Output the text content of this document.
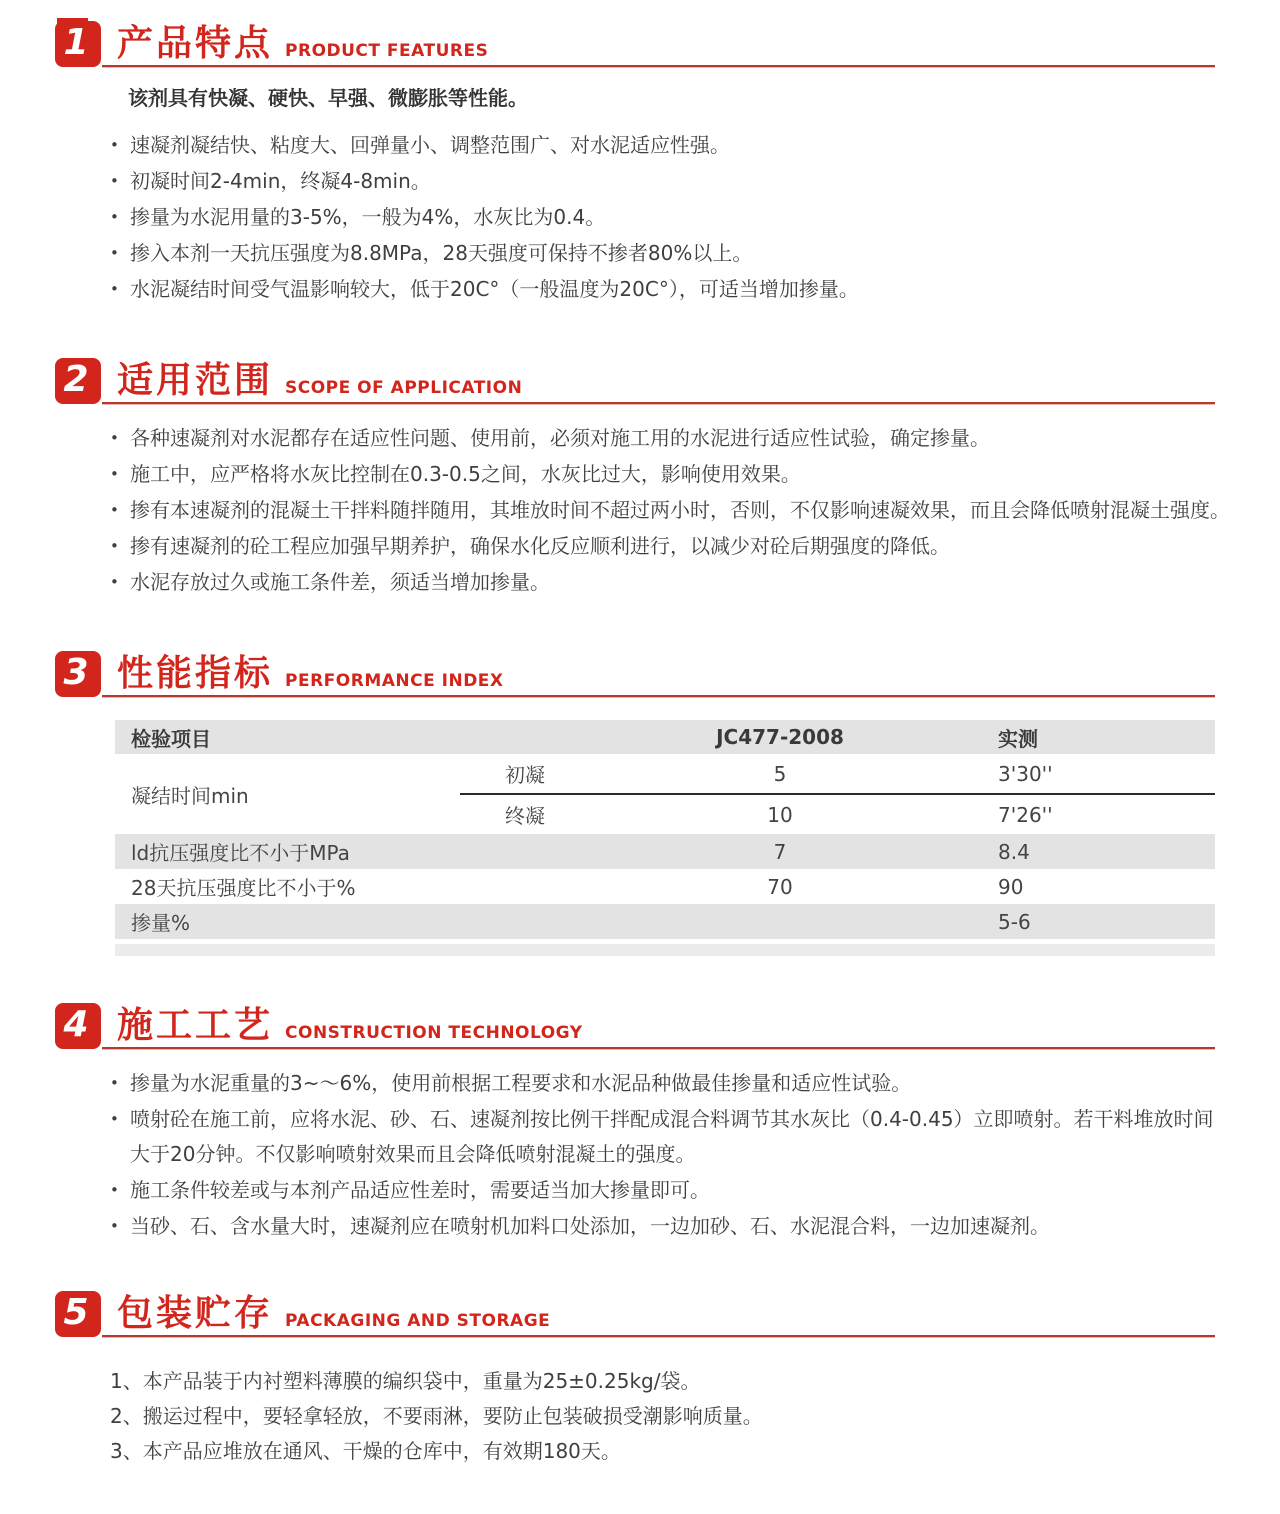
1 产品特点 PRODUCT FEATURES

该剂具有快凝、硬快、早强、微膨胀等性能。

• 速凝剂凝结快、粘度大、回弹量小、调整范围广、对水泥适应性强。
• 初凝时间2-4min，终凝4-8min。
• 掺量为水泥用量的3-5%，一般为4%，水灰比为0.4。
• 掺入本剂一天抗压强度为8.8MPa，28天强度可保持不掺者80%以上。
• 水泥凝结时间受气温影响较大，低于20C°（一般温度为20C°），可适当增加掺量。
2 适用范围 SCOPE OF APPLICATION
• 各种速凝剂对水泥都存在适应性问题、使用前，必须对施工用的水泥进行适应性试验，确定掺量。
• 施工中，应严格将水灰比控制在0.3-0.5之间，水灰比过大，影响使用效果。
• 掺有本速凝剂的混凝土干拌料随拌随用，其堆放时间不超过两小时，否则，不仅影响速凝效果，而且会降低喷射混凝土强度。
• 掺有速凝剂的砼工程应加强早期养护，确保水化反应顺利进行，以减少对砼后期强度的降低。
• 水泥存放过久或施工条件差，须适当增加掺量。
3 性能指标 PERFORMANCE INDEX
检验项目		JC477-2008	实测
凝结时间min	初凝	5	3'30''
	终凝	10	7'26''
ld抗压强度比不小于MPa		7	8.4
28天抗压强度比不小于%		70	90
掺量%			5-6
4 施工工艺 CONSTRUCTION TECHNOLOGY
• 掺量为水泥重量的3~～6%，使用前根据工程要求和水泥品种做最佳掺量和适应性试验。
• 喷射砼在施工前，应将水泥、砂、石、速凝剂按比例干拌配成混合料调节其水灰比（0.4-0.45）立即喷射。若干料堆放时间大于20分钟。不仅影响喷射效果而且会降低喷射混凝土的强度。
• 施工条件较差或与本剂产品适应性差时，需要适当加大掺量即可。
• 当砂、石、含水量大时，速凝剂应在喷射机加料口处添加，一边加砂、石、水泥混合料，一边加速凝剂。
5 包装贮存 PACKAGING AND STORAGE

1、本产品装于内衬塑料薄膜的编织袋中，重量为25±0.25kg/袋。

2、搬运过程中，要轻拿轻放，不要雨淋，要防止包装破损受潮影响质量。

3、本产品应堆放在通风、干燥的仓库中，有效期180天。
